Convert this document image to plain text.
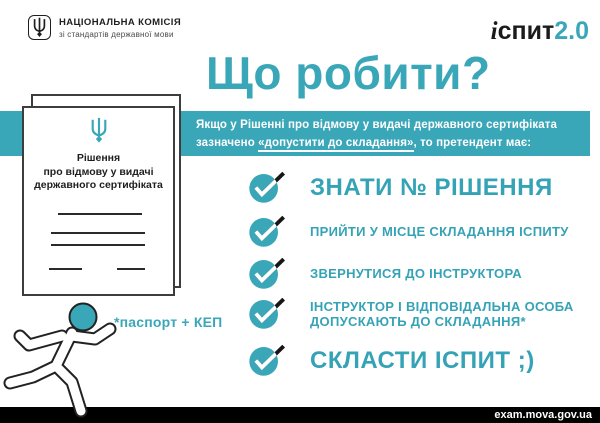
НАЦІОНАЛЬНА КОМІСІЯ
зі стандартів державної мови	іспит2.0
Що робити?
Якщо у Рішенні про відмову у видачі державного сертифіката
зазначено «допустити до складання», то претендент має:
Рішення
про відмову у видачі
державного сертифіката
*паспорт + КЕП
ЗНАТИ № РІШЕННЯ
ПРИЙТИ У МІСЦЕ СКЛАДАННЯ ІСПИТУ
ЗВЕРНУТИСЯ ДО ІНСТРУКТОРА
ІНСТРУКТОР І ВІДПОВІДАЛЬНА ОСОБА
ДОПУСКАЮТЬ ДО СКЛАДАННЯ*
СКЛАСТИ ІСПИТ ;)
exam.mova.gov.ua
